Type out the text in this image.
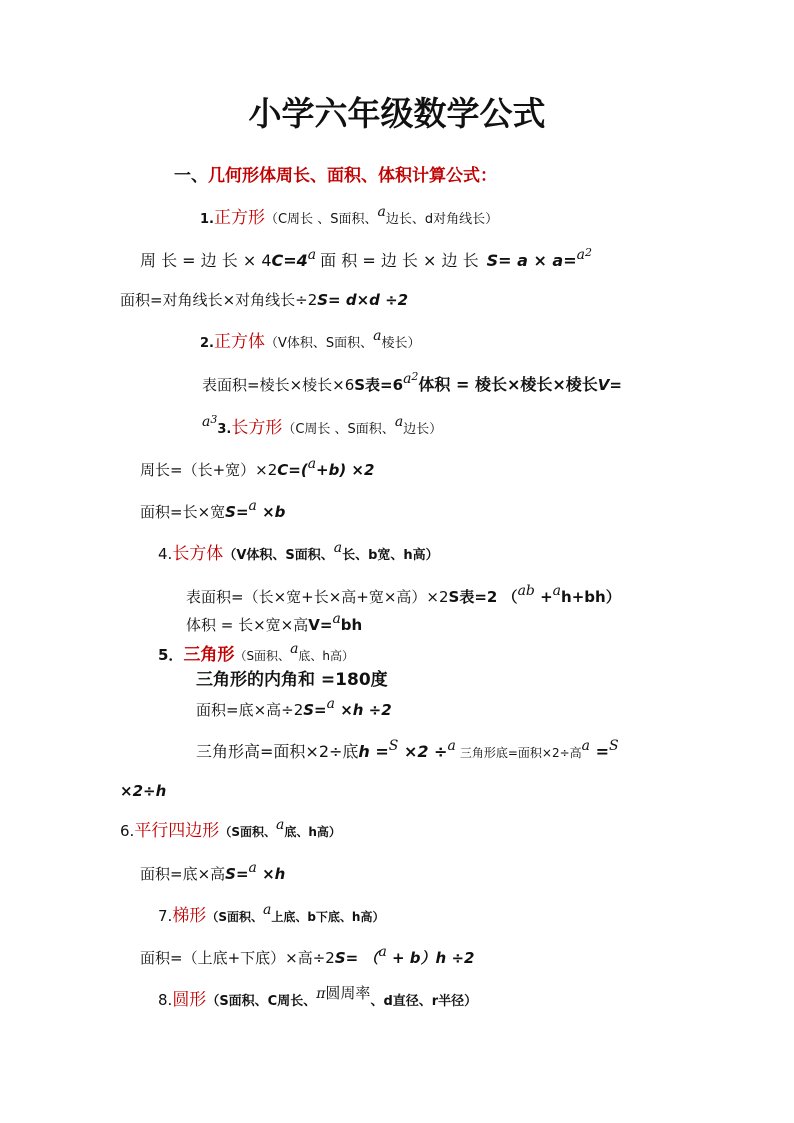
小学六年级数学公式
一、几何形体周长、面积、体积计算公式：
1.正方形（C周长 、S面积、a边长、d对角线长）
周 长 = 边 长 × 4C=4a 面 积 = 边 长 × 边 长 $S= a \times a=a^2$
面积=对角线长×对角线长÷2S= d×d ÷2
2.正方体（V体积、S面积、a棱长）
表面积=棱长×棱长×6S表$=6a^2$体积 = 棱长×棱长×棱长V=
$a^33$.长方形（C周长 、S面积、a边长）
周长=（长+宽）×2C=(a+b) ×2
面积=长×宽S=a ×b
4.长方体（V体积、S面积、a长、b宽、h高）
表面积=（长×宽+长×高+宽×高）×2S表=2 （ab +ah+bh）
体积 = 长×宽×高V=abh
5．三角形（S面积、a底、h高）
三角形的内角和 =180度
面积=底×高÷2S=a ×h ÷2
三角形高=面积×2÷底h =S ×2 ÷a 三角形底=面积×2÷高a =S
×2÷h
6.平行四边形（S面积、a底、h高）
面积=底×高S=a ×h
7.梯形（S面积、a上底、b下底、h高）
面积=（上底+下底）×高÷2S= （a + b）h ÷2
8.圆形（S面积、C周长、π圆周率、d直径、r半径）
